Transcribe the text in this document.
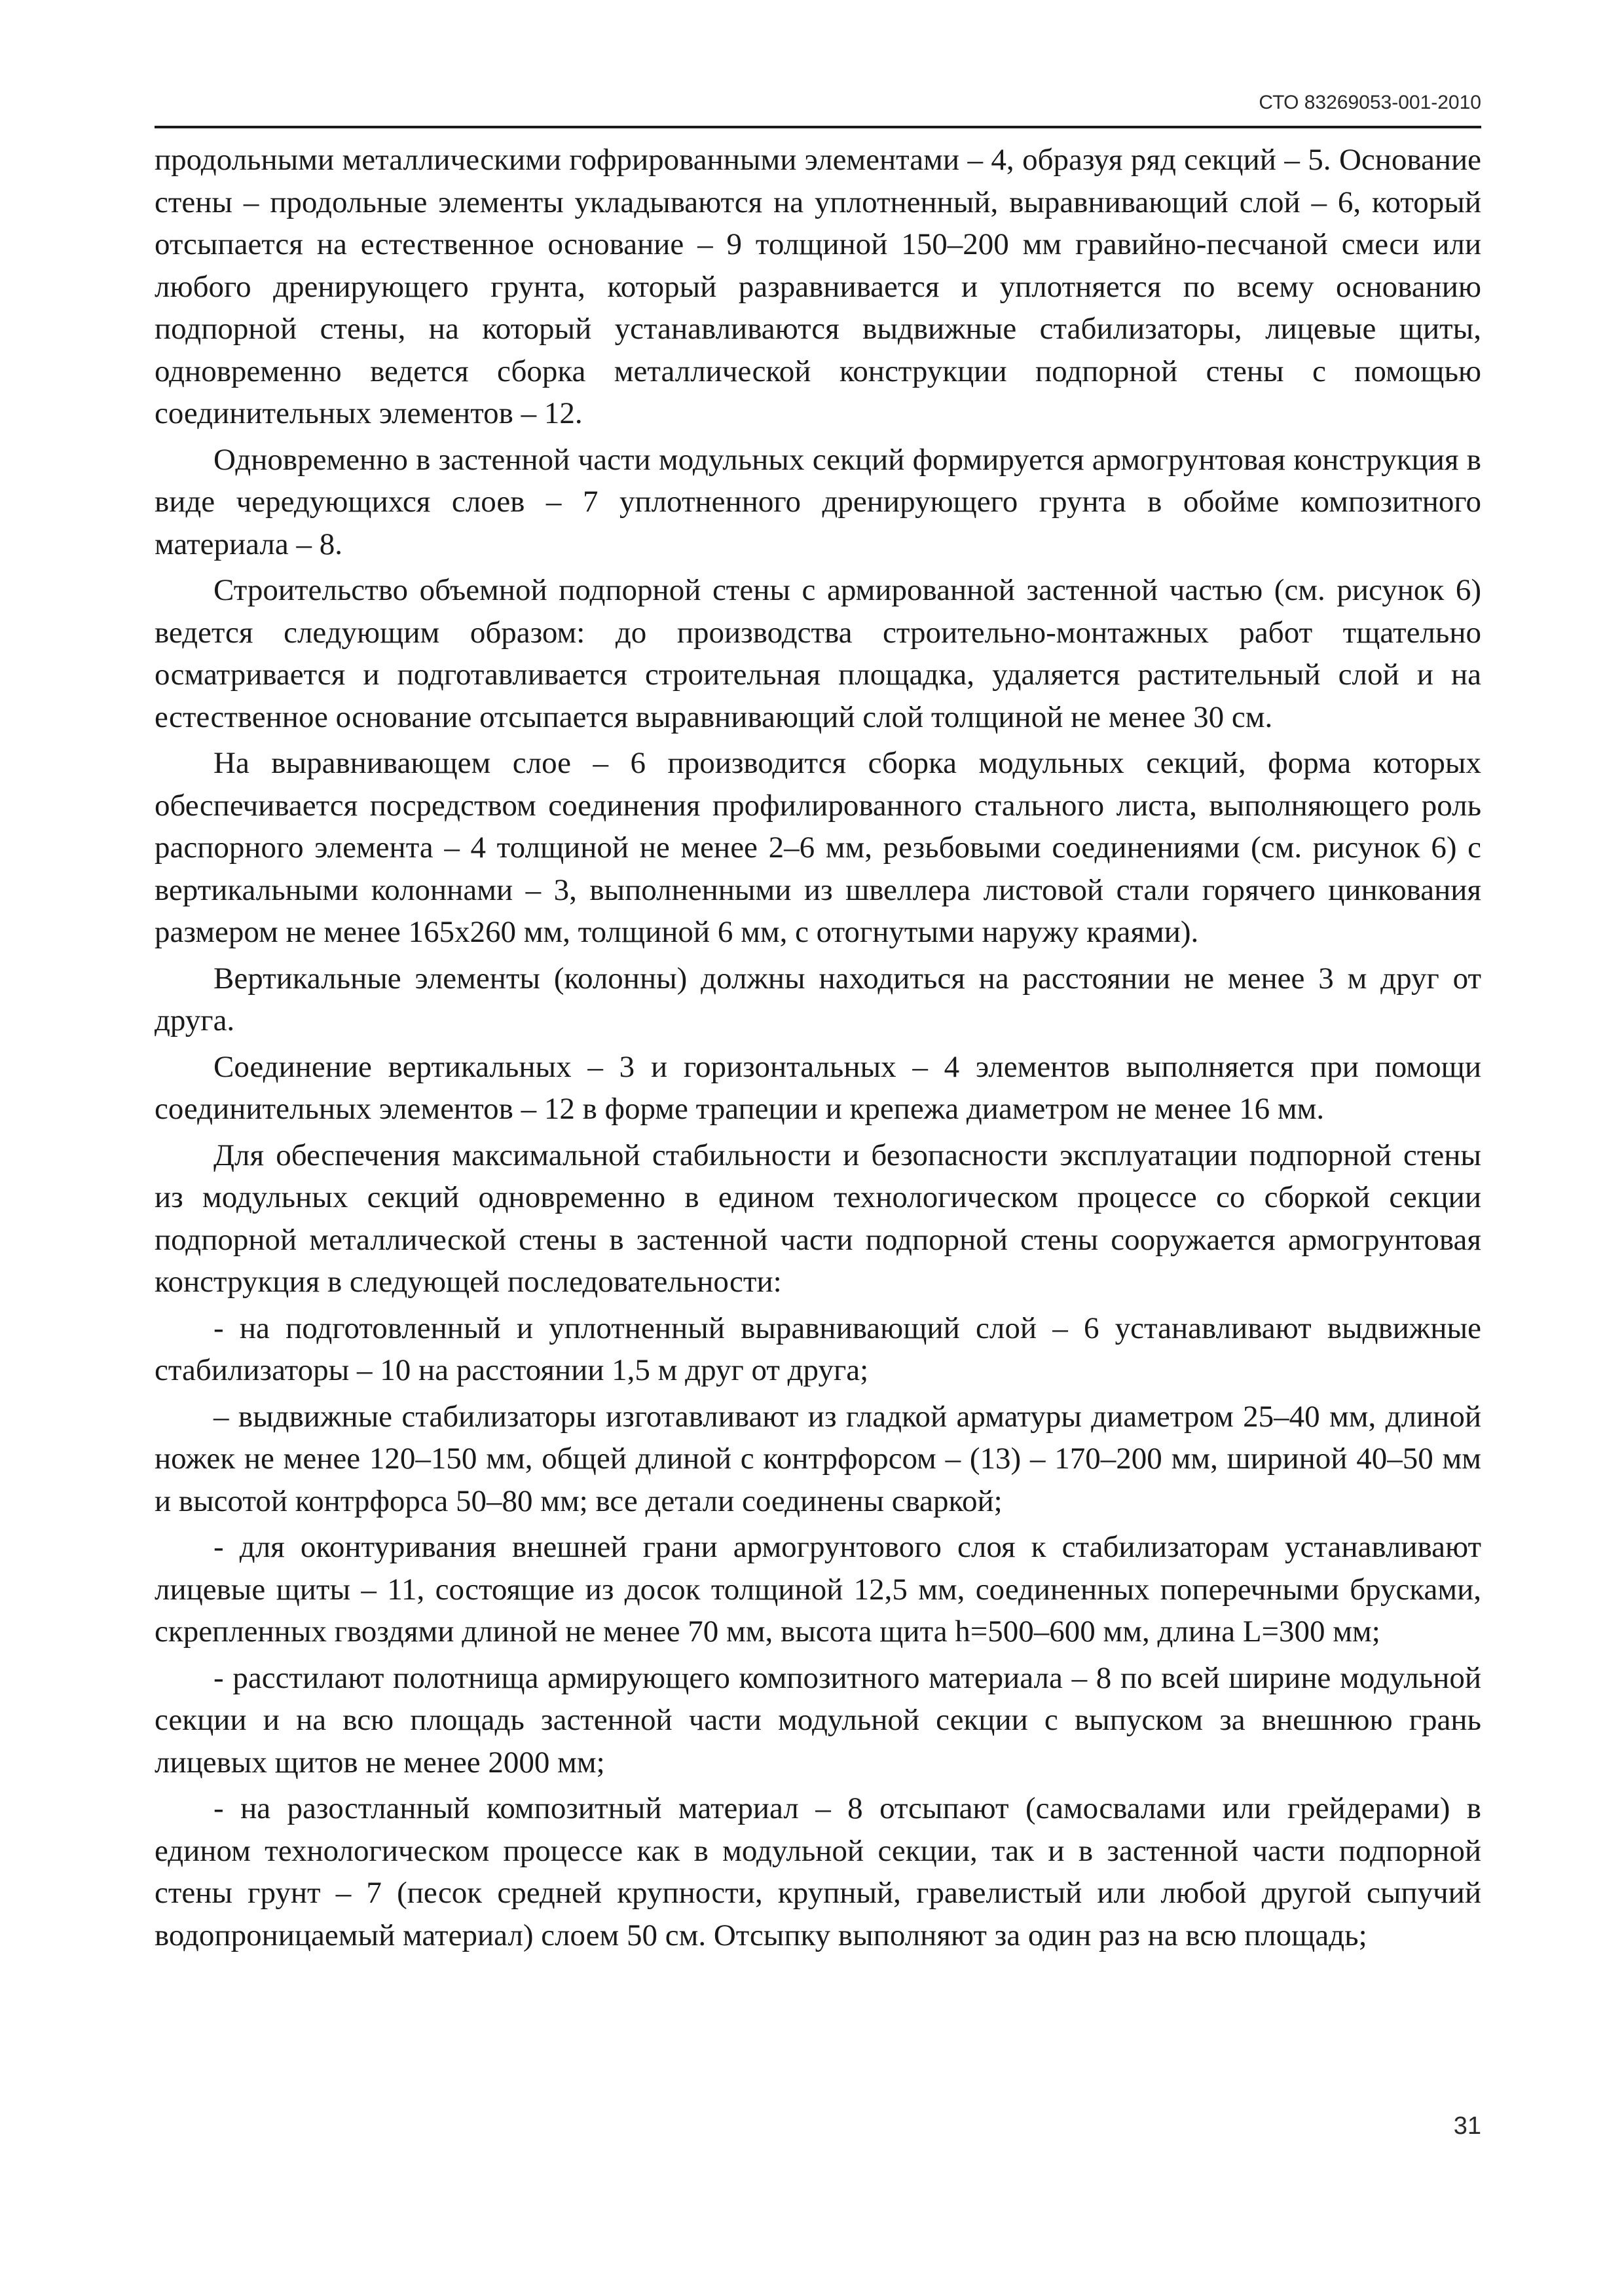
СТО 83269053-001-2010

продольными металлическими гофрированными элементами – 4, образуя ряд секций – 5. Основание стены – продольные элементы укладываются на уплотненный, выравнивающий слой – 6, который отсыпается на естественное основание – 9 толщиной 150–200 мм гравийно-песчаной смеси или любого дренирующего грунта, который разравнивается и уплотняется по всему основанию подпорной стены, на который устанавливаются выдвижные стабилизаторы, лицевые щиты, одновременно ведется сборка металлической конструкции подпорной стены с помощью соединительных элементов – 12.

Одновременно в застенной части модульных секций формируется армогрунтовая конструкция в виде чередующихся слоев – 7 уплотненного дренирующего грунта в обойме композитного материала – 8.

Строительство объемной подпорной стены с армированной застенной частью (см. рисунок 6) ведется следующим образом: до производства строительно-монтажных работ тщательно осматривается и подготавливается строительная площадка, удаляется растительный слой и на естественное основание отсыпается выравнивающий слой толщиной не менее 30 см.

На выравнивающем слое – 6 производится сборка модульных секций, форма которых обеспечивается посредством соединения профилированного стального листа, выполняющего роль распорного элемента – 4 толщиной не менее 2–6 мм, резьбовыми соединениями (см. рисунок 6) с вертикальными колоннами – 3, выполненными из швеллера листовой стали горячего цинкования размером не менее 165х260 мм, толщиной 6 мм, с отогнутыми наружу краями).

Вертикальные элементы (колонны) должны находиться на расстоянии не менее 3 м друг от друга.

Соединение вертикальных – 3 и горизонтальных – 4 элементов выполняется при помощи соединительных элементов – 12 в форме трапеции и крепежа диаметром не менее 16 мм.

Для обеспечения максимальной стабильности и безопасности эксплуатации подпорной стены из модульных секций одновременно в едином технологическом процессе со сборкой секции подпорной металлической стены в застенной части подпорной стены сооружается армогрунтовая конструкция в следующей последовательности:

- на подготовленный и уплотненный выравнивающий слой – 6 устанавливают выдвижные стабилизаторы – 10 на расстоянии 1,5 м друг от друга;

– выдвижные стабилизаторы изготавливают из гладкой арматуры диаметром 25–40 мм, длиной ножек не менее 120–150 мм, общей длиной с контрфорсом – (13) – 170–200 мм, шириной 40–50 мм и высотой контрфорса 50–80 мм; все детали соединены сваркой;

- для оконтуривания внешней грани армогрунтового слоя к стабилизаторам устанавливают лицевые щиты – 11, состоящие из досок толщиной 12,5 мм, соединенных поперечными брусками, скрепленных гвоздями длиной не менее 70 мм, высота щита h=500–600 мм, длина L=300 мм;

- расстилают полотнища армирующего композитного материала – 8 по всей ширине модульной секции и на всю площадь застенной части модульной секции с выпуском за внешнюю грань лицевых щитов не менее 2000 мм;

- на разостланный композитный материал – 8 отсыпают (самосвалами или грейдерами) в едином технологическом процессе как в модульной секции, так и в застенной части подпорной стены грунт – 7 (песок средней крупности, крупный, гравелистый или любой другой сыпучий водопроницаемый материал) слоем 50 см. Отсыпку выполняют за один раз на всю площадь;

31
